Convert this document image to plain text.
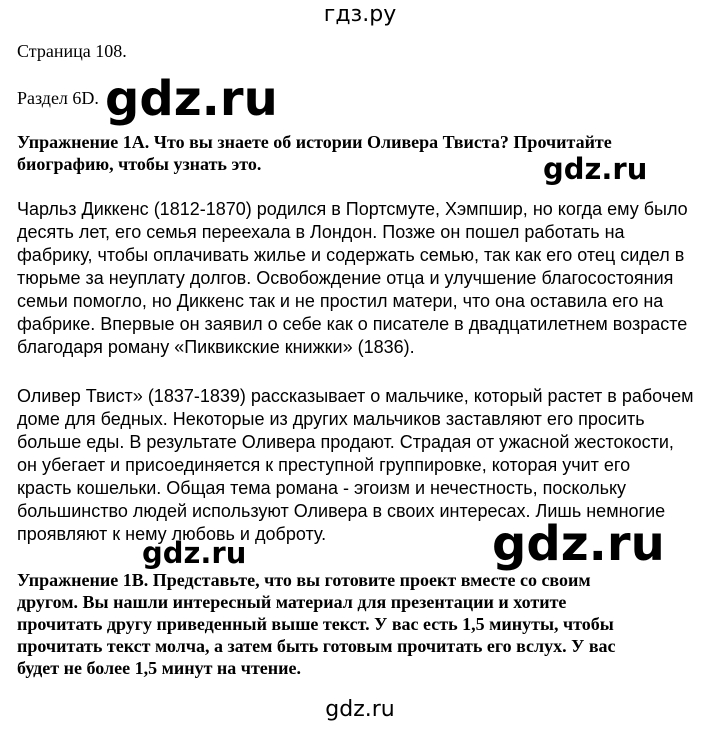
гдз.ру
Страница 108.
Раздел 6D. gdz.ru
Упражнение 1А. Что вы знаете об истории Оливера Твиста? Прочитайте
биографию, чтобы узнать это.	gdz.ru
Чарльз Диккенс (1812-1870) родился в Портсмуте, Хэмпшир, но когда ему было
десять лет, его семья переехала в Лондон. Позже он пошел работать на
фабрику, чтобы оплачивать жилье и содержать семью, так как его отец сидел в
тюрьме за неуплату долгов. Освобождение отца и улучшение благосостояния
семьи помогло, но Диккенс так и не простил матери, что она оставила его на
фабрике. Впервые он заявил о себе как о писателе в двадцатилетнем возрасте
благодаря роману «Пиквикские книжки» (1836).
Оливер Твист» (1837-1839) рассказывает о мальчике, который растет в рабочем
доме для бедных. Некоторые из других мальчиков заставляют его просить
больше еды. В результате Оливера продают. Страдая от ужасной жестокости,
он убегает и присоединяется к преступной группировке, которая учит его
красть кошельки. Общая тема романа - эгоизм и нечестность, поскольку
большинство людей используют Оливера в своих интересах. Лишь немногие
проявляют к нему любовь и доброту.
gdz.ru	gdz.ru
Упражнение 1В. Представьте, что вы готовите проект вместе со своим
другом. Вы нашли интересный материал для презентации и хотите
прочитать другу приведенный выше текст. У вас есть 1,5 минуты, чтобы
прочитать текст молча, а затем быть готовым прочитать его вслух. У вас
будет не более 1,5 минут на чтение.
gdz.ru
